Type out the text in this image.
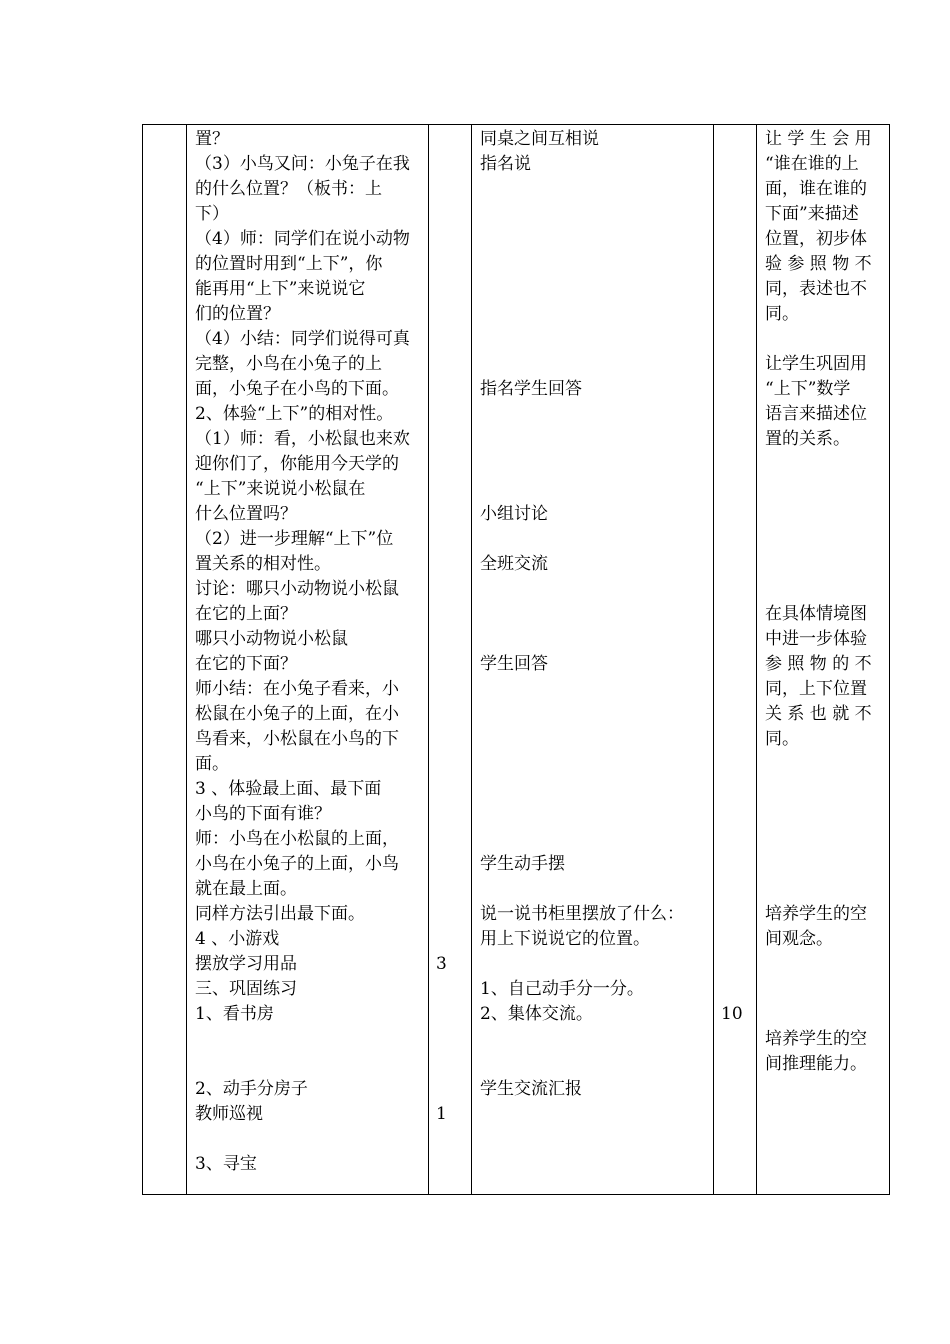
置？
（3）小鸟又问：小兔子在我
的什么位置？（板书：上
下）
（4）师：同学们在说小动物
的位置时用到“上下”，你
能再用“上下”来说说它
们的位置？
（4）小结：同学们说得可真
完整，小鸟在小兔子的上
面，小兔子在小鸟的下面。
2、体验“上下”的相对性。
（1）师：看，小松鼠也来欢
迎你们了，你能用今天学的
“上下”来说说小松鼠在
什么位置吗？
（2）进一步理解“上下”位
置关系的相对性。
讨论：哪只小动物说小松鼠
在它的上面？
哪只小动物说小松鼠
在它的下面？
师小结：在小兔子看来，小
松鼠在小兔子的上面，在小
鸟看来，小松鼠在小鸟的下
面。
3 、体验最上面、最下面
小鸟的下面有谁？
师：小鸟在小松鼠的上面，
小鸟在小兔子的上面，小鸟
就在最上面。
同样方法引出最下面。
4 、小游戏
摆放学习用品
三、巩固练习
1、看书房
2、动手分房子
教师巡视
3、寻宝
3
1
同桌之间互相说
指名说
指名学生回答
小组讨论
全班交流
学生回答
学生动手摆
说一说书柜里摆放了什么：
用上下说说它的位置。
1、自己动手分一分。
2、集体交流。
学生交流汇报
10
让 学 生 会 用
“谁在谁的上
面，谁在谁的
下面”来描述
位置，初步体
验 参 照 物 不
同，表述也不
同。
让学生巩固用
“上下”数学
语言来描述位
置的关系。
在具体情境图
中进一步体验
参 照 物 的 不
同，上下位置
关 系 也 就 不
同。
培养学生的空
间观念。
培养学生的空
间推理能力。
